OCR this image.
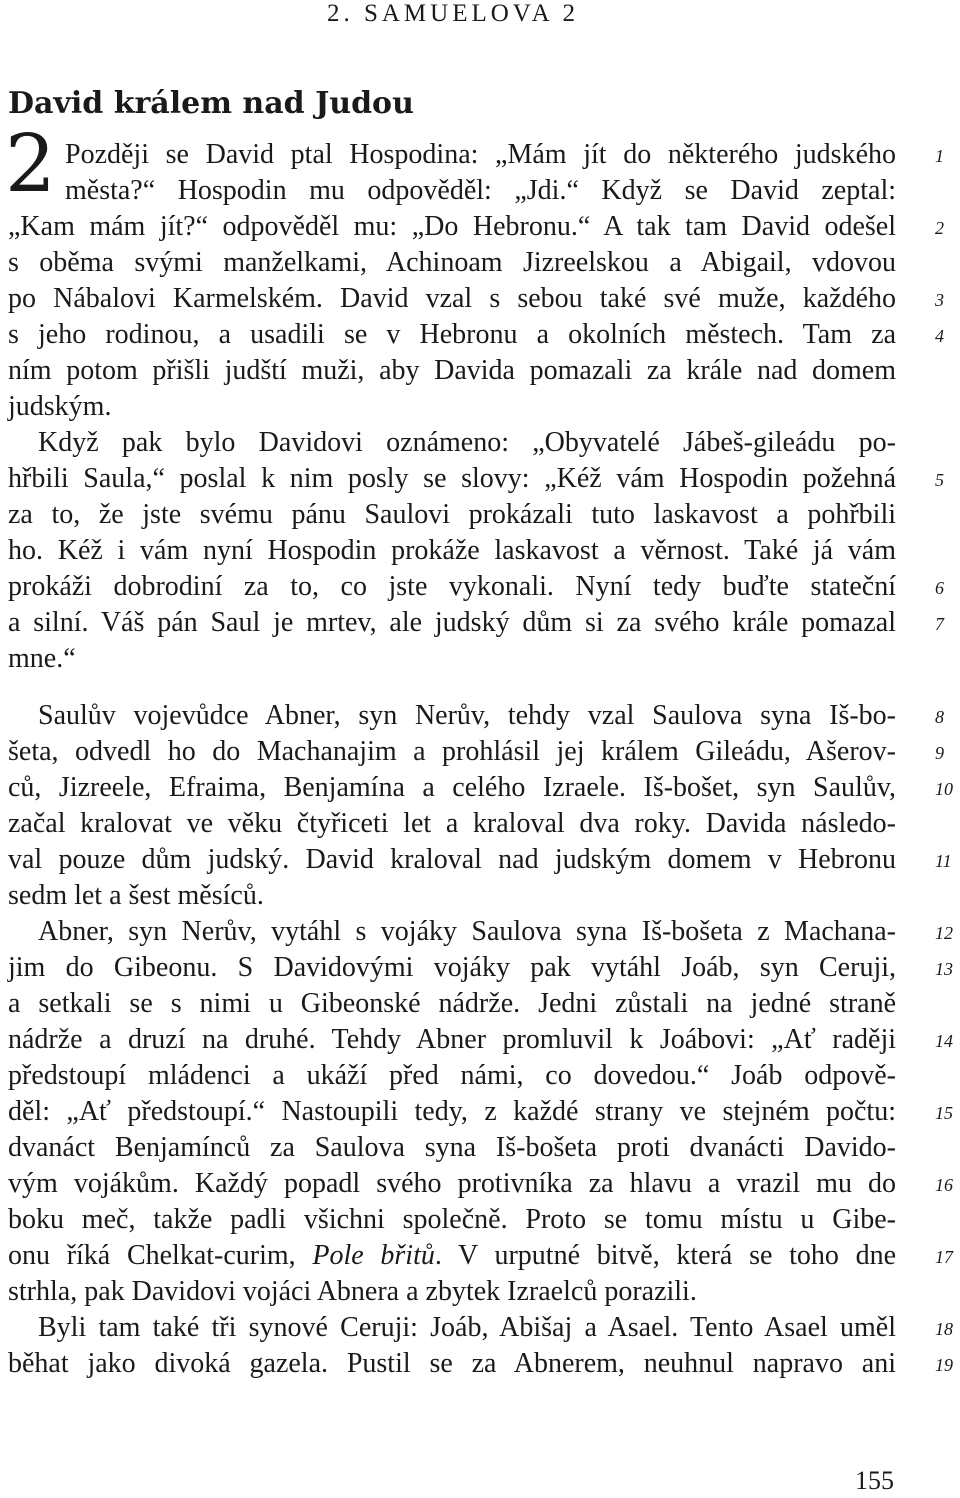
2. SAMUELOVA 2
David králem nad Judou
2 Později se David ptal Hospodina: „Mám jít do některého judského
města?“ Hospodin mu odpověděl: „Jdi.“ Když se David zeptal:
„Kam mám jít?“ odpověděl mu: „Do Hebronu.“ A tak tam David odešel
s oběma svými manželkami, Achinoam Jizreelskou a Abigail, vdovou
po Nábalovi Karmelském. David vzal s sebou také své muže, každého
s jeho rodinou, a usadili se v Hebronu a okolních městech. Tam za
ním potom přišli judští muži, aby Davida pomazali za krále nad domem
judským.
Když pak bylo Davidovi oznámeno: „Obyvatelé Jábeš-gileádu po-
hřbili Saula,“ poslal k nim posly se slovy: „Kéž vám Hospodin požehná
za to, že jste svému pánu Saulovi prokázali tuto laskavost a pohřbili
ho. Kéž i vám nyní Hospodin prokáže laskavost a věrnost. Také já vám
prokáži dobrodiní za to, co jste vykonali. Nyní tedy buďte stateční
a silní. Váš pán Saul je mrtev, ale judský dům si za svého krále pomazal
mne.“
Saulův vojevůdce Abner, syn Nerův, tehdy vzal Saulova syna Iš-bo-
šeta, odvedl ho do Machanajim a prohlásil jej králem Gileádu, Ašerov-
ců, Jizreele, Efraima, Benjamína a celého Izraele. Iš-bošet, syn Saulův,
začal kralovat ve věku čtyřiceti let a kraloval dva roky. Davida následo-
val pouze dům judský. David kraloval nad judským domem v Hebronu
sedm let a šest měsíců.
Abner, syn Nerův, vytáhl s vojáky Saulova syna Iš-bošeta z Machana-
jim do Gibeonu. S Davidovými vojáky pak vytáhl Joáb, syn Ceruji,
a setkali se s nimi u Gibeonské nádrže. Jedni zůstali na jedné straně
nádrže a druzí na druhé. Tehdy Abner promluvil k Joábovi: „Ať raději
předstoupí mládenci a ukáží před námi, co dovedou.“ Joáb odpově-
děl: „Ať předstoupí.“ Nastoupili tedy, z každé strany ve stejném počtu:
dvanáct Benjamínců za Saulova syna Iš-bošeta proti dvanácti Davido-
vým vojákům. Každý popadl svého protivníka za hlavu a vrazil mu do
boku meč, takže padli všichni společně. Proto se tomu místu u Gibe-
onu říká Chelkat-curim, Pole břitů. V urputné bitvě, která se toho dne
strhla, pak Davidovi vojáci Abnera a zbytek Izraelců porazili.
Byli tam také tři synové Ceruji: Joáb, Abišaj a Asael. Tento Asael uměl
běhat jako divoká gazela. Pustil se za Abnerem, neuhnul napravo ani
1
2
3
4
5
6
7
8
9
10
11
12
13
14
15
16
17
18
19
155
